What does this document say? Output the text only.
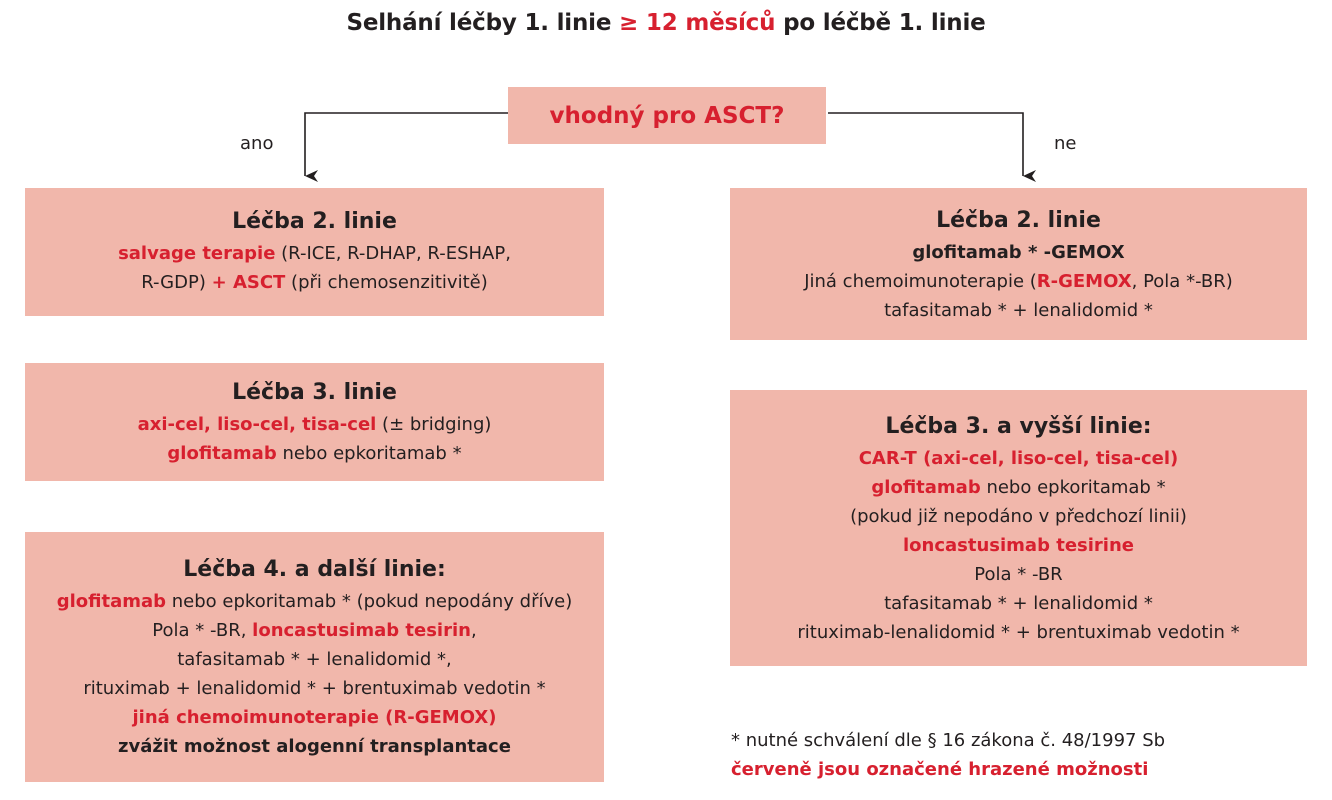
Selhání léčby 1. linie ≥ 12 měsíců po léčbě 1. linie
vhodný pro ASCT?
ano	ne
Léčba 2. linie
salvage terapie (R-ICE, R-DHAP, R-ESHAP,
R-GDP) + ASCT (při chemosenzitivitě)
Léčba 3. linie
axi-cel, liso-cel, tisa-cel (± bridging)
glofitamab nebo epkoritamab *
Léčba 4. a další linie:
glofitamab nebo epkoritamab * (pokud nepodány dříve)
Pola * -BR, loncastusimab tesirin,
tafasitamab * + lenalidomid *,
rituximab + lenalidomid * + brentuximab vedotin *
jiná chemoimunoterapie (R-GEMOX)
zvážit možnost alogenní transplantace
Léčba 2. linie
glofitamab * -GEMOX
Jiná chemoimunoterapie (R-GEMOX, Pola *-BR)
tafasitamab * + lenalidomid *
Léčba 3. a vyšší linie:
CAR-T (axi-cel, liso-cel, tisa-cel)
glofitamab nebo epkoritamab *
(pokud již nepodáno v předchozí linii)
loncastusimab tesirine
Pola * -BR
tafasitamab * + lenalidomid *
rituximab-lenalidomid * + brentuximab vedotin *
* nutné schválení dle § 16 zákona č. 48/1997 Sb
červeně jsou označené hrazené možnosti
